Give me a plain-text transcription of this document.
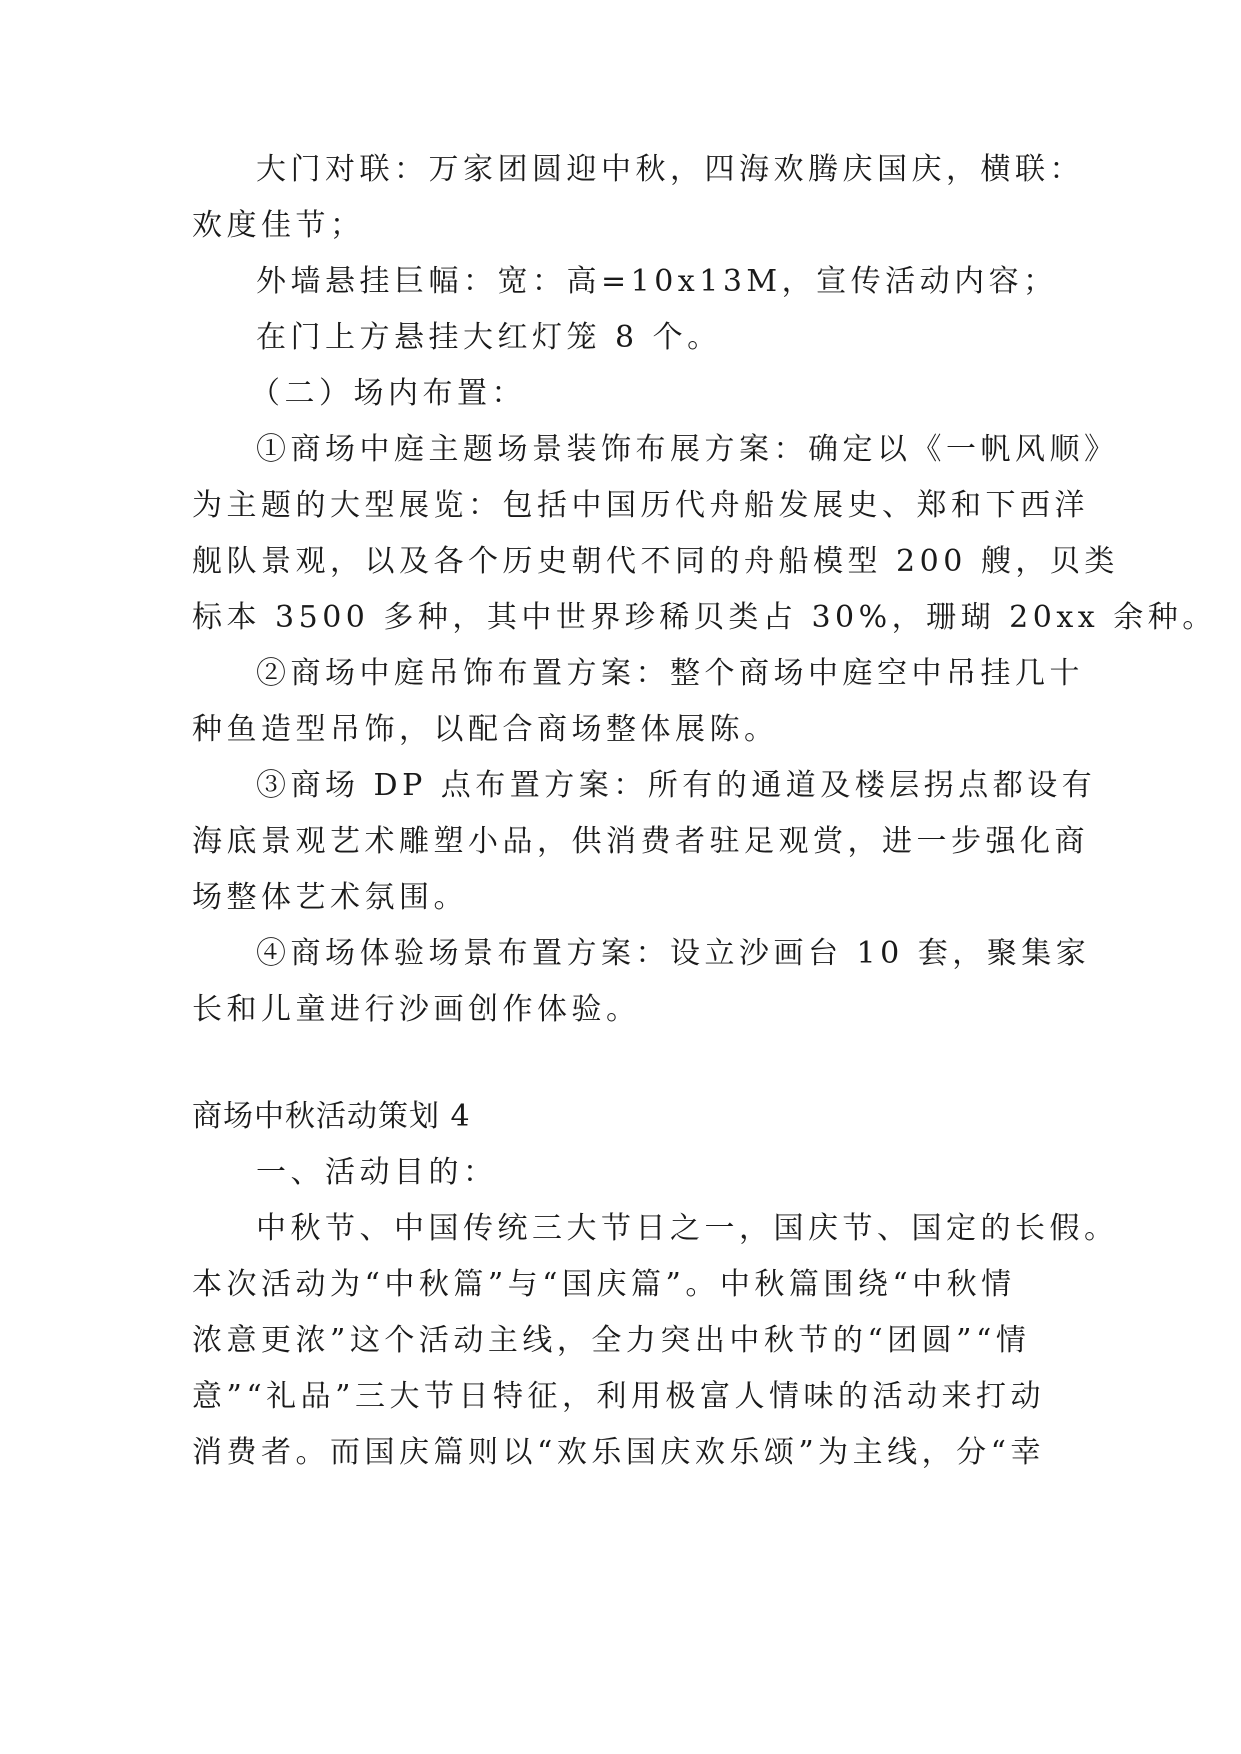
大门对联：万家团圆迎中秋，四海欢腾庆国庆，横联：
欢度佳节；
外墙悬挂巨幅：宽：高=10x13M，宣传活动内容；
在门上方悬挂大红灯笼 8 个。
（二）场内布置：
①商场中庭主题场景装饰布展方案：确定以《一帆风顺》
为主题的大型展览：包括中国历代舟船发展史、郑和下西洋
舰队景观，以及各个历史朝代不同的舟船模型 200 艘，贝类
标本 3500 多种，其中世界珍稀贝类占 30%，珊瑚 20xx 余种。
②商场中庭吊饰布置方案：整个商场中庭空中吊挂几十
种鱼造型吊饰，以配合商场整体展陈。
③商场 DP 点布置方案：所有的通道及楼层拐点都设有
海底景观艺术雕塑小品，供消费者驻足观赏，进一步强化商
场整体艺术氛围。
④商场体验场景布置方案：设立沙画台 10 套，聚集家
长和儿童进行沙画创作体验。
商场中秋活动策划 4
一、活动目的：
中秋节、中国传统三大节日之一，国庆节、国定的长假。
本次活动为“中秋篇”与“国庆篇”。中秋篇围绕“中秋情
浓意更浓”这个活动主线，全力突出中秋节的“团圆”“情
意”“礼品”三大节日特征，利用极富人情味的活动来打动
消费者。而国庆篇则以“欢乐国庆欢乐颂”为主线，分“幸
